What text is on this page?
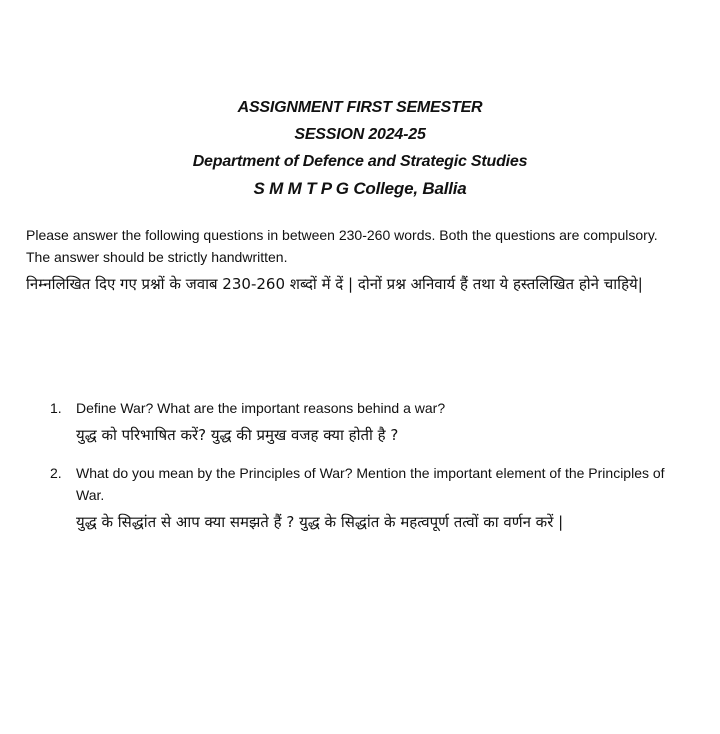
ASSIGNMENT FIRST SEMESTER
SESSION 2024-25
Department of Defence and Strategic Studies
S M M T P G College, Ballia
Please answer the following questions in between 230-260 words. Both the questions are compulsory. The answer should be strictly handwritten.
निम्नलिखित दिए गए प्रश्नों के जवाब 230-260 शब्दों में दें | दोनों प्रश्न अनिवार्य हैं तथा ये हस्तलिखित होने चाहिये|
1. Define War? What are the important reasons behind a war?
युद्ध को परिभाषित करें? युद्ध की प्रमुख वजह क्या होती है ?
2. What do you mean by the Principles of War? Mention the important element of the Principles of War.
युद्ध के सिद्धांत से आप क्या समझते हैं ? युद्ध के सिद्धांत के महत्वपूर्ण तत्वों का वर्णन करें |
